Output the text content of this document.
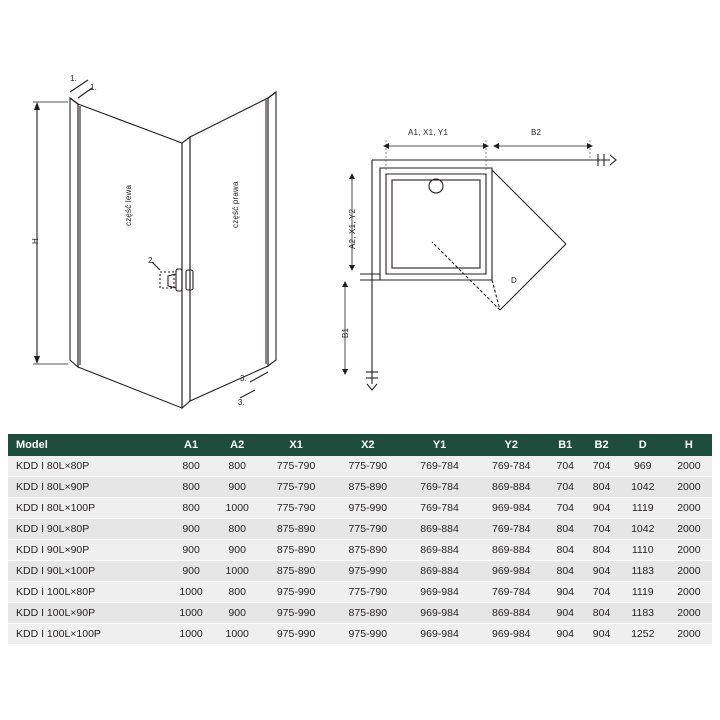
H
część lewa	część prawa
1.
1.
2.
3.
3.
A1, X1, Y1	B2
A2, X1, Y2
B1
D
Model	A1	A2	X1	X2	Y1	Y2	B1	B2	D	H
KDD I 80L×80P	800	800	775-790	775-790	769-784	769-784	704	704	969	2000
KDD I 80L×90P	800	900	775-790	875-890	769-784	869-884	704	804	1042	2000
KDD I 80L×100P	800	1000	775-790	975-990	769-784	969-984	704	904	1119	2000
KDD I 90L×80P	900	800	875-890	775-790	869-884	769-784	804	704	1042	2000
KDD I 90L×90P	900	900	875-890	875-890	869-884	869-884	804	804	1110	2000
KDD I 90L×100P	900	1000	875-890	975-990	869-884	969-984	804	904	1183	2000
KDD I 100L×80P	1000	800	975-990	775-790	969-984	769-784	904	704	1119	2000
KDD I 100L×90P	1000	900	975-990	875-890	969-984	869-884	904	804	1183	2000
KDD I 100L×100P	1000	1000	975-990	975-990	969-984	969-984	904	904	1252	2000
